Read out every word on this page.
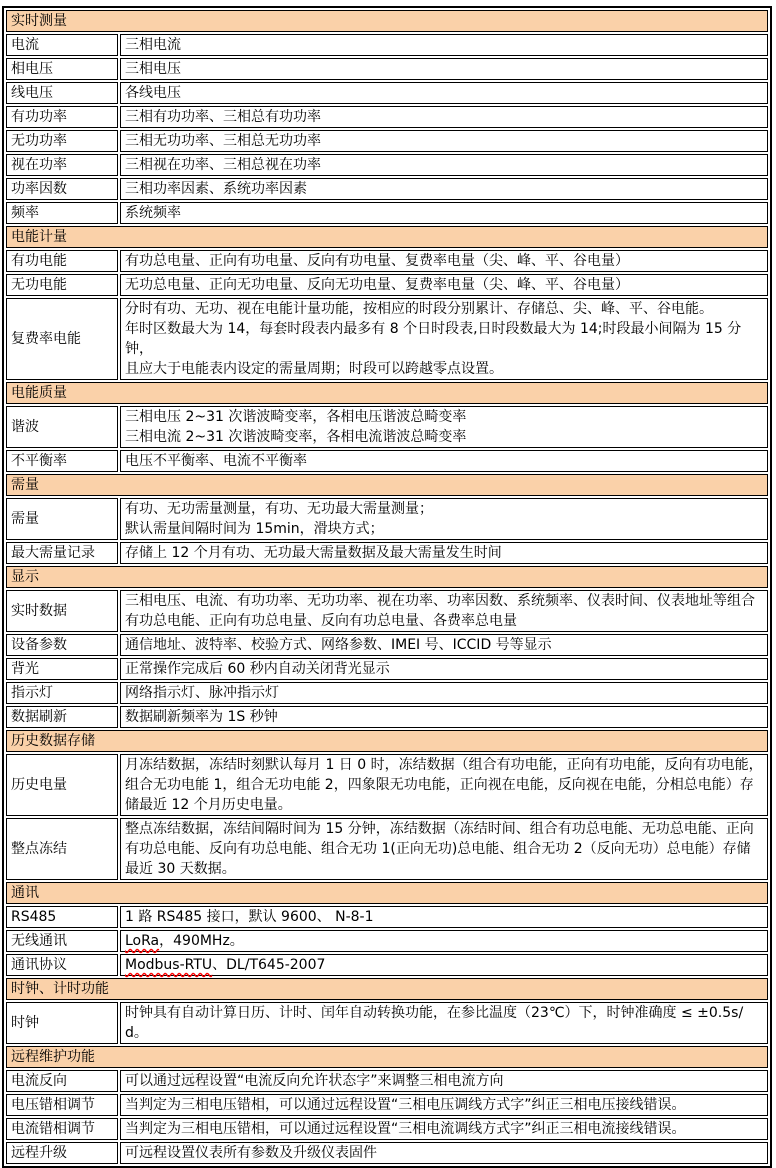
实时测量	
电流	三相电流
相电压	三相电压
线电压	各线电压
有功功率	三相有功功率、三相总有功功率
无功功率	三相无功功率、三相总无功功率
视在功率	三相视在功率、三相总视在功率
功率因数	三相功率因素、系统功率因素
频率	系统频率
电能计量	
有功电能	有功总电量、正向有功电量、反向有功电量、复费率电量（尖、峰、平、谷电量）
无功电能	无功总电量、正向无功电量、反向无功电量、复费率电量（尖、峰、平、谷电量）
复费率电能	分时有功、无功、视在电能计量功能，按相应的时段分别累计、存储总、尖、峰、平、谷电能。
年时区数最大为 14，每套时段表内最多有 8 个日时段表,日时段数最大为 14;时段最小间隔为 15 分钟，
且应大于电能表内设定的需量周期；时段可以跨越零点设置。
电能质量	
谐波	三相电压 2~31 次谐波畸变率，各相电压谐波总畸变率
三相电流 2~31 次谐波畸变率，各相电流谐波总畸变率
不平衡率	电压不平衡率、电流不平衡率
需量	
需量	有功、无功需量测量，有功、无功最大需量测量；
默认需量间隔时间为 15min，滑块方式；
最大需量记录	存储上 12 个月有功、无功最大需量数据及最大需量发生时间
显示	
实时数据	三相电压、电流、有功功率、无功功率、视在功率、功率因数、系统频率、仪表时间、仪表地址等组合
有功总电能、正向有功总电量、反向有功总电量、各费率总电量
设备参数	通信地址、波特率、校验方式、网络参数、IMEI 号、ICCID 号等显示
背光	正常操作完成后 60 秒内自动关闭背光显示
指示灯	网络指示灯、脉冲指示灯
数据刷新	数据刷新频率为 1S 秒钟
历史数据存储	
历史电量	月冻结数据，冻结时刻默认每月 1 日 0 时，冻结数据（组合有功电能，正向有功电能，反向有功电能，
组合无功电能 1，组合无功电能 2，四象限无功电能，正向视在电能，反向视在电能，分相总电能）存
储最近 12 个月历史电量。
整点冻结	整点冻结数据，冻结间隔时间为 15 分钟，冻结数据（冻结时间、组合有功总电能、无功总电能、正向
有功总电能、反向有功总电能、组合无功 1(正向无功)总电能、组合无功 2（反向无功）总电能）存储
最近 30 天数据。
通讯	
RS485	1 路 RS485 接口，默认 9600、 N-8-1
无线通讯	LoRa，490MHz。
通讯协议	Modbus-RTU、DL/T645-2007
时钟、计时功能	
时钟	时钟具有自动计算日历、计时、闰年自动转换功能，在参比温度（23℃）下，时钟准确度 ≤ ±0.5s/d。
远程维护功能	
电流反向	可以通过远程设置“电流反向允许状态字”来调整三相电流方向
电压错相调节	当判定为三相电压错相，可以通过远程设置“三相电压调线方式字”纠正三相电压接线错误。
电流错相调节	当判定为三相电压错相，可以通过远程设置“三相电流调线方式字”纠正三相电流接线错误。
远程升级	可远程设置仪表所有参数及升级仪表固件
